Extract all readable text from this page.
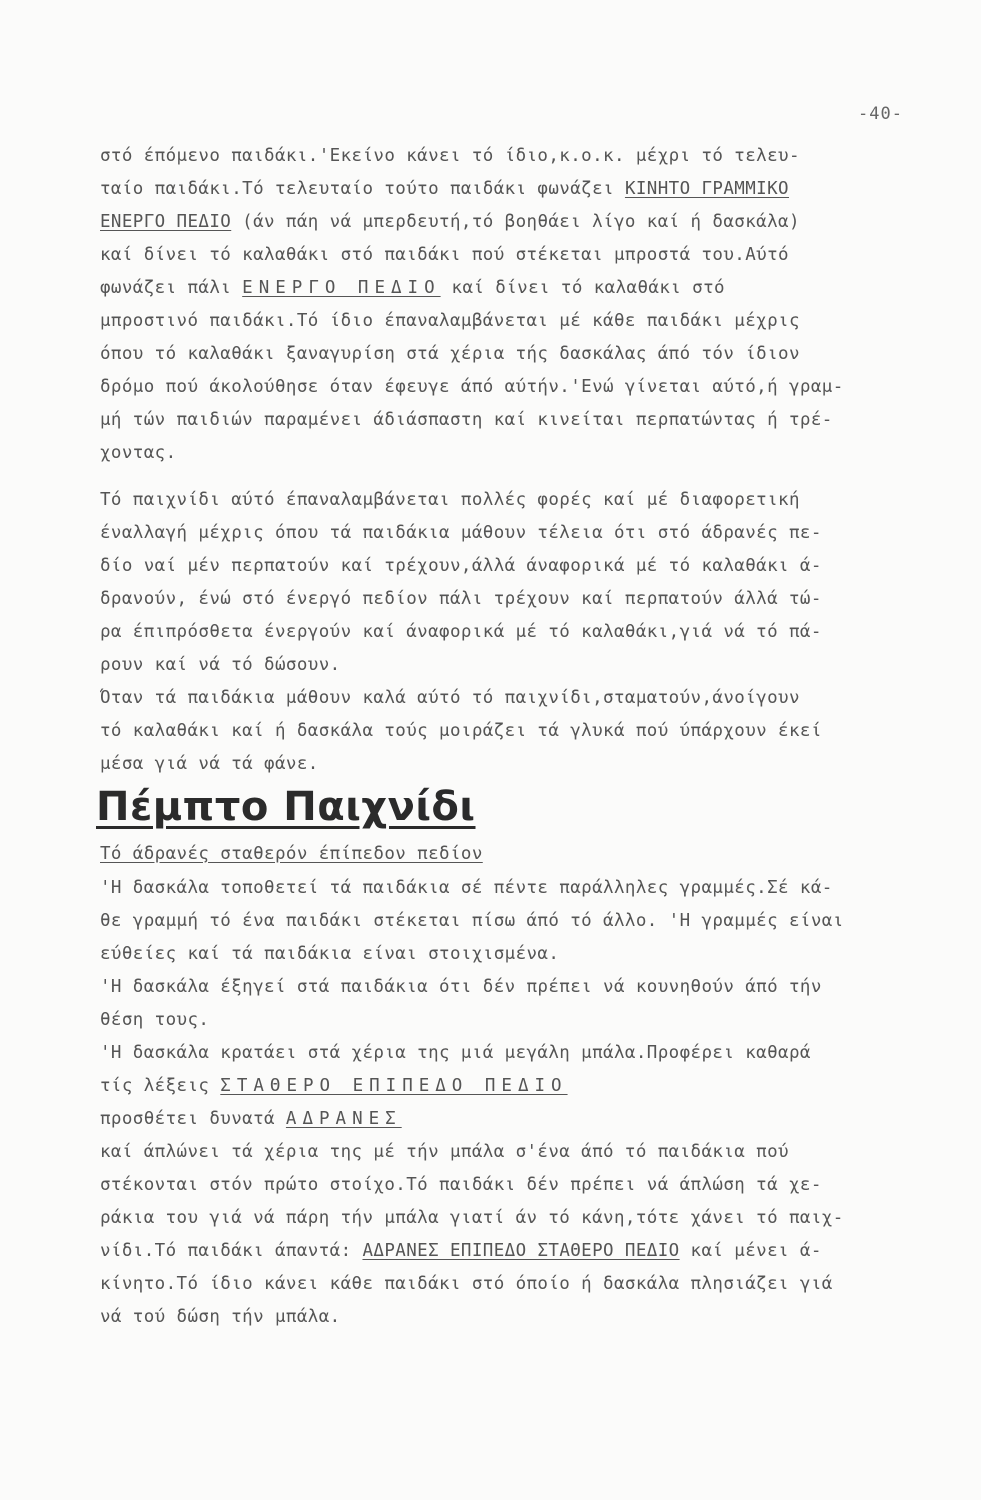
-40-
στό έπόμενο παιδάκι.'Εκείνο κάνει τό ίδιο,κ.ο.κ. μέχρι τό τελευ-
ταίο παιδάκι.Τό τελευταίο τούτο παιδάκι φωνάζει ΚΙΝΗΤΟ ΓΡΑΜΜΙΚΟ
ΕΝΕΡΓΟ ΠΕΔΙΟ (άν πάη νά μπερδευτή,τό βοηθάει λίγο καί ή δασκάλα)
καί δίνει τό καλαθάκι στό παιδάκι πού στέκεται μπροστά του.Αύτό
φωνάζει πάλι ΕΝΕΡΓΟ ΠΕΔΙΟ καί δίνει τό καλαθάκι στό
μπροστινό παιδάκι.Τό ίδιο έπαναλαμβάνεται μέ κάθε παιδάκι μέχρις
όπου τό καλαθάκι ξαναγυρίση στά χέρια τής δασκάλας άπό τόν ίδιον
δρόμο πού άκολούθησε όταν έφευγε άπό αύτήν.'Ενώ γίνεται αύτό,ή γραμ-
μή τών παιδιών παραμένει άδιάσπαστη καί κινείται περπατώντας ή τρέ-
χοντας.
Τό παιχνίδι αύτό έπαναλαμβάνεται πολλές φορές καί μέ διαφορετική
έναλλαγή μέχρις όπου τά παιδάκια μάθουν τέλεια ότι στό άδρανές πε-
δίο ναί μέν περπατούν καί τρέχουν,άλλά άναφορικά μέ τό καλαθάκι ά-
δρανούν, ένώ στό ένεργό πεδίον πάλι τρέχουν καί περπατούν άλλά τώ-
ρα έπιπρόσθετα ένεργούν καί άναφορικά μέ τό καλαθάκι,γιά νά τό πά-
ρουν καί νά τό δώσουν.
Όταν τά παιδάκια μάθουν καλά αύτό τό παιχνίδι,σταματούν,άνοίγουν
τό καλαθάκι καί ή δασκάλα τούς μοιράζει τά γλυκά πού ύπάρχουν έκεί
μέσα γιά νά τά φάνε.
Πέμπτο Παιχνίδι
Τό άδρανές σταθερόν έπίπεδον πεδίον
'Η δασκάλα τοποθετεί τά παιδάκια σέ πέντε παράλληλες γραμμές.Σέ κά-
θε γραμμή τό ένα παιδάκι στέκεται πίσω άπό τό άλλο. 'Η γραμμές είναι
εύθείες καί τά παιδάκια είναι στοιχισμένα.
'Η δασκάλα έξηγεί στά παιδάκια ότι δέν πρέπει νά κουνηθούν άπό τήν
θέση τους.
'Η δασκάλα κρατάει στά χέρια της μιά μεγάλη μπάλα.Προφέρει καθαρά
τίς λέξεις ΣΤΑΘΕΡΟ ΕΠΙΠΕΔΟ ΠΕΔΙΟ
προσθέτει δυνατά ΑΔΡΑΝΕΣ
καί άπλώνει τά χέρια της μέ τήν μπάλα σ'ένα άπό τό παιδάκια πού
στέκονται στόν πρώτο στοίχο.Τό παιδάκι δέν πρέπει νά άπλώση τά χε-
ράκια του γιά νά πάρη τήν μπάλα γιατί άν τό κάνη,τότε χάνει τό παιχ-
νίδι.Τό παιδάκι άπαντά: ΑΔΡΑΝΕΣ ΕΠΙΠΕΔΟ ΣΤΑΘΕΡΟ ΠΕΔΙΟ καί μένει ά-
κίνητο.Τό ίδιο κάνει κάθε παιδάκι στό όποίο ή δασκάλα πλησιάζει γιά
νά τού δώση τήν μπάλα.
